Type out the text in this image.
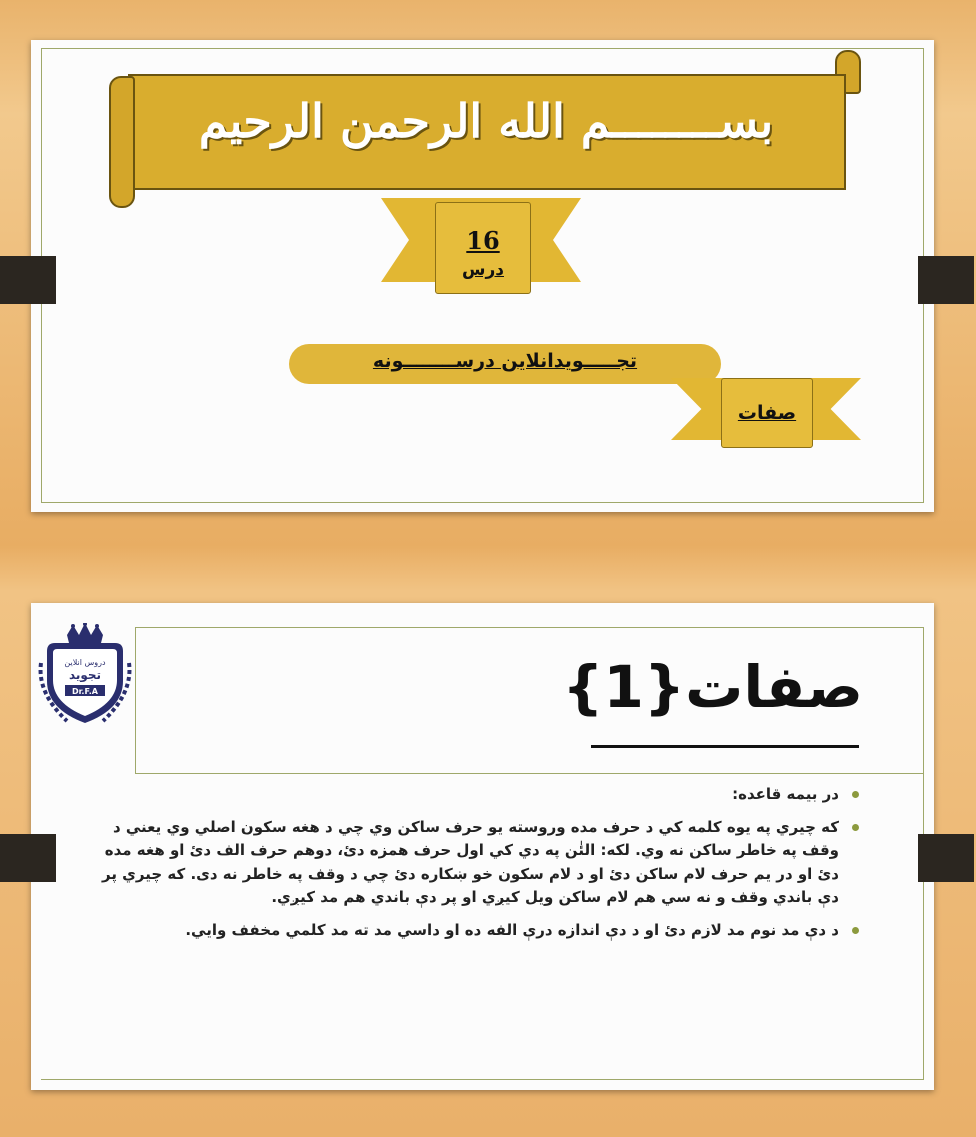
بســــــــم الله الرحمن الرحيم
16
درس
تجـــــويدانلاين درســــــــونه
صفات
دروس انلاين
تجويد
Dr.F.A	صفات{1}
در بيمه قاعده:
كه چيري په يوه كلمه كي د حرف مده وروسته يو حرف ساكن وي چي د هغه سكون اصلي وي يعني د وقف په خاطر ساكن نه وي. لكه: الئٰن په دي كي اول حرف همزه دئ، دوهم حرف الف دئ او هغه مده دئ او در يم حرف لام ساكن دئ او د لام سكون خو ښكاره دئ چي د وقف په خاطر نه دی. كه چيري پر دې باندي وقف و نه سي هم لام ساكن ويل كيږي او پر دې باندي هم مد كيږي.
د دې مد نوم مد لازم دئ او د دې اندازه درې الفه ده او داسي مد ته مد كلمي مخفف وايي.
